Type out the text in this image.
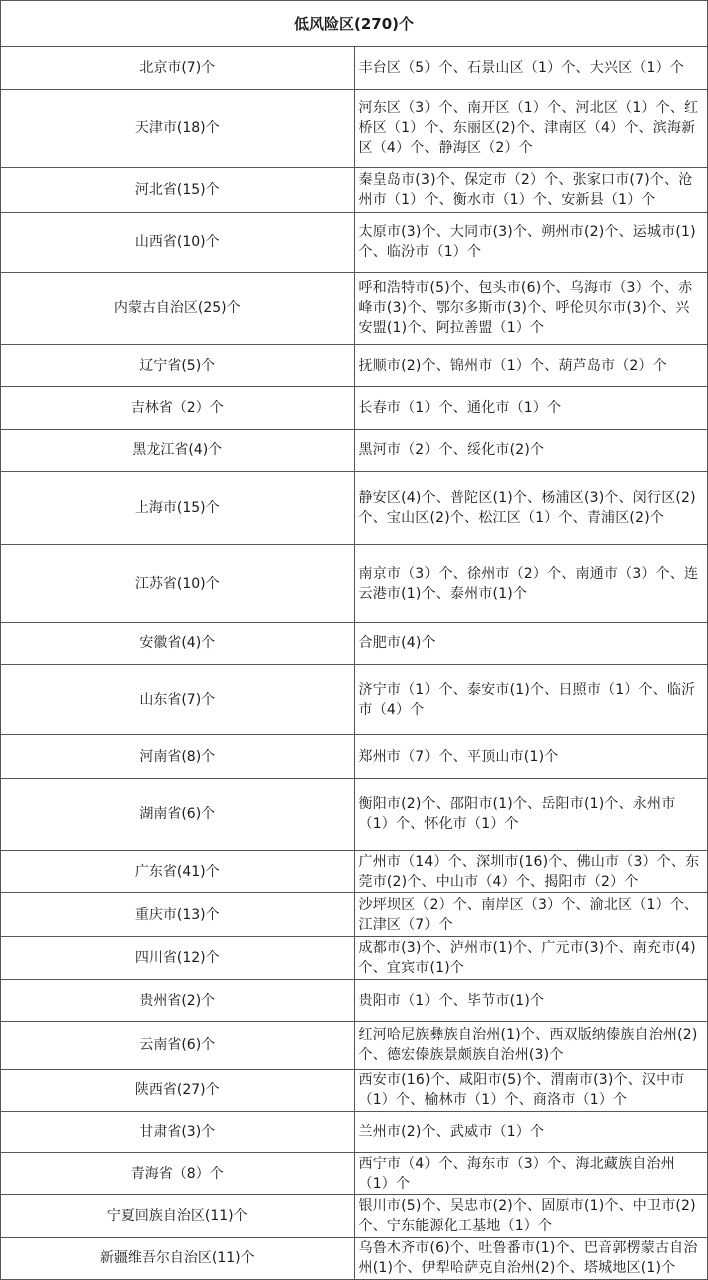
低风险区(270)个	
北京市(7)个	丰台区（5）个、石景山区（1）个、大兴区（1）个
天津市(18)个	河东区（3）个、南开区（1）个、河北区（1）个、红桥区（1）个、东丽区(2)个、津南区（4）个、滨海新区（4）个、静海区（2）个
河北省(15)个	秦皇岛市(3)个、保定市（2）个、张家口市(7)个、沧州市（1）个、衡水市（1）个、安新县（1）个
山西省(10)个	太原市(3)个、大同市(3)个、朔州市(2)个、运城市(1)个、临汾市（1）个
内蒙古自治区(25)个	呼和浩特市(5)个、包头市(6)个、乌海市（3）个、赤峰市(3)个、鄂尔多斯市(3)个、呼伦贝尔市(3)个、兴安盟(1)个、阿拉善盟（1）个
辽宁省(5)个	抚顺市(2)个、锦州市（1）个、葫芦岛市（2）个
吉林省（2）个	长春市（1）个、通化市（1）个
黑龙江省(4)个	黑河市（2）个、绥化市(2)个
上海市(15)个	静安区(4)个、普陀区(1)个、杨浦区(3)个、闵行区(2)个、宝山区(2)个、松江区（1）个、青浦区(2)个
江苏省(10)个	南京市（3）个、徐州市（2）个、南通市（3）个、连云港市(1)个、泰州市(1)个
安徽省(4)个	合肥市(4)个
山东省(7)个	济宁市（1）个、泰安市(1)个、日照市（1）个、临沂市（4）个
河南省(8)个	郑州市（7）个、平顶山市(1)个
湖南省(6)个	衡阳市(2)个、邵阳市(1)个、岳阳市(1)个、永州市（1）个、怀化市（1）个
广东省(41)个	广州市（14）个、深圳市(16)个、佛山市（3）个、东莞市(2)个、中山市（4）个、揭阳市（2）个
重庆市(13)个	沙坪坝区（2）个、南岸区（3）个、渝北区（1）个、江津区（7）个
四川省(12)个	成都市(3)个、泸州市(1)个、广元市(3)个、南充市(4)个、宜宾市(1)个
贵州省(2)个	贵阳市（1）个、毕节市(1)个
云南省(6)个	红河哈尼族彝族自治州(1)个、西双版纳傣族自治州(2)个、德宏傣族景颇族自治州(3)个
陕西省(27)个	西安市(16)个、咸阳市(5)个、渭南市(3)个、汉中市（1）个、榆林市（1）个、商洛市（1）个
甘肃省(3)个	兰州市(2)个、武威市（1）个
青海省（8）个	西宁市（4）个、海东市（3）个、海北藏族自治州（1）个
宁夏回族自治区(11)个	银川市(5)个、吴忠市(2)个、固原市(1)个、中卫市(2)个、宁东能源化工基地（1）个
新疆维吾尔自治区(11)个	乌鲁木齐市(6)个、吐鲁番市(1)个、巴音郭楞蒙古自治州(1)个、伊犁哈萨克自治州(2)个、塔城地区(1)个
